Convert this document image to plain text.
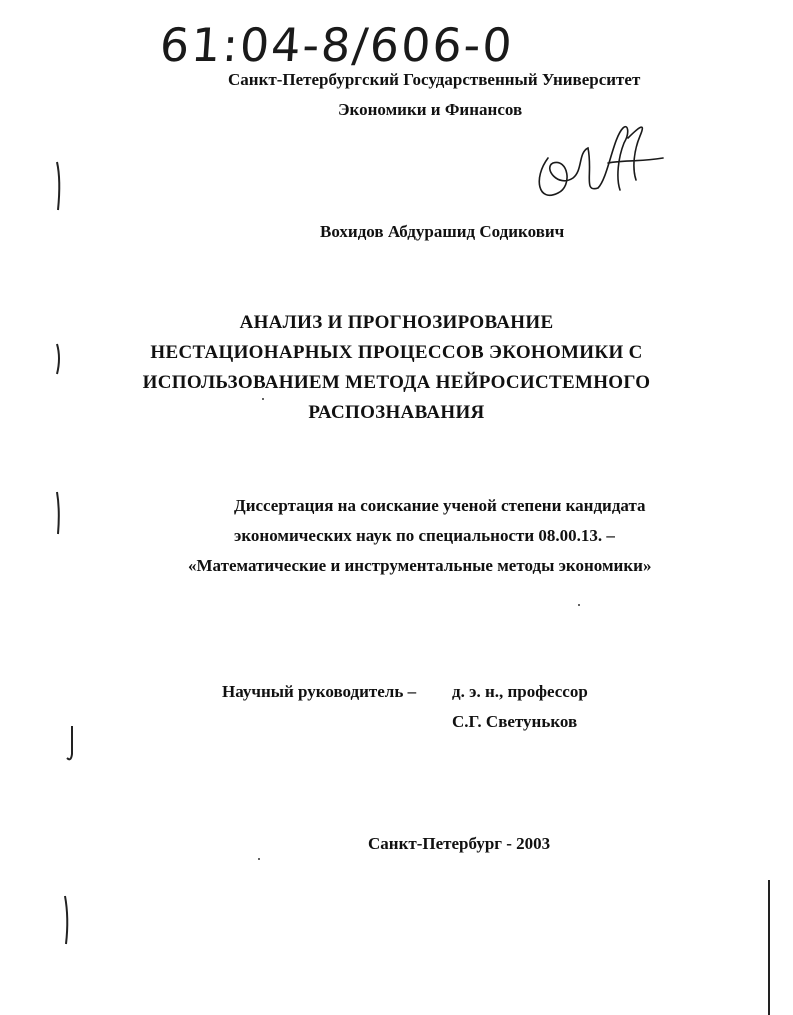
61:04-8/606-0
Санкт-Петербургский Государственный Университет
Экономики и Финансов
Вохидов Абдурашид Содикович
АНАЛИЗ И ПРОГНОЗИРОВАНИЕ
НЕСТАЦИОНАРНЫХ ПРОЦЕССОВ ЭКОНОМИКИ С
ИСПОЛЬЗОВАНИЕМ МЕТОДА НЕЙРОСИСТЕМНОГО
РАСПОЗНАВАНИЯ
Диссертация на соискание ученой степени кандидата
экономических наук по специальности 08.00.13. –
«Математические и инструментальные методы экономики»
Научный руководитель – д. э. н., профессор
С.Г. Светуньков
Санкт-Петербург - 2003
